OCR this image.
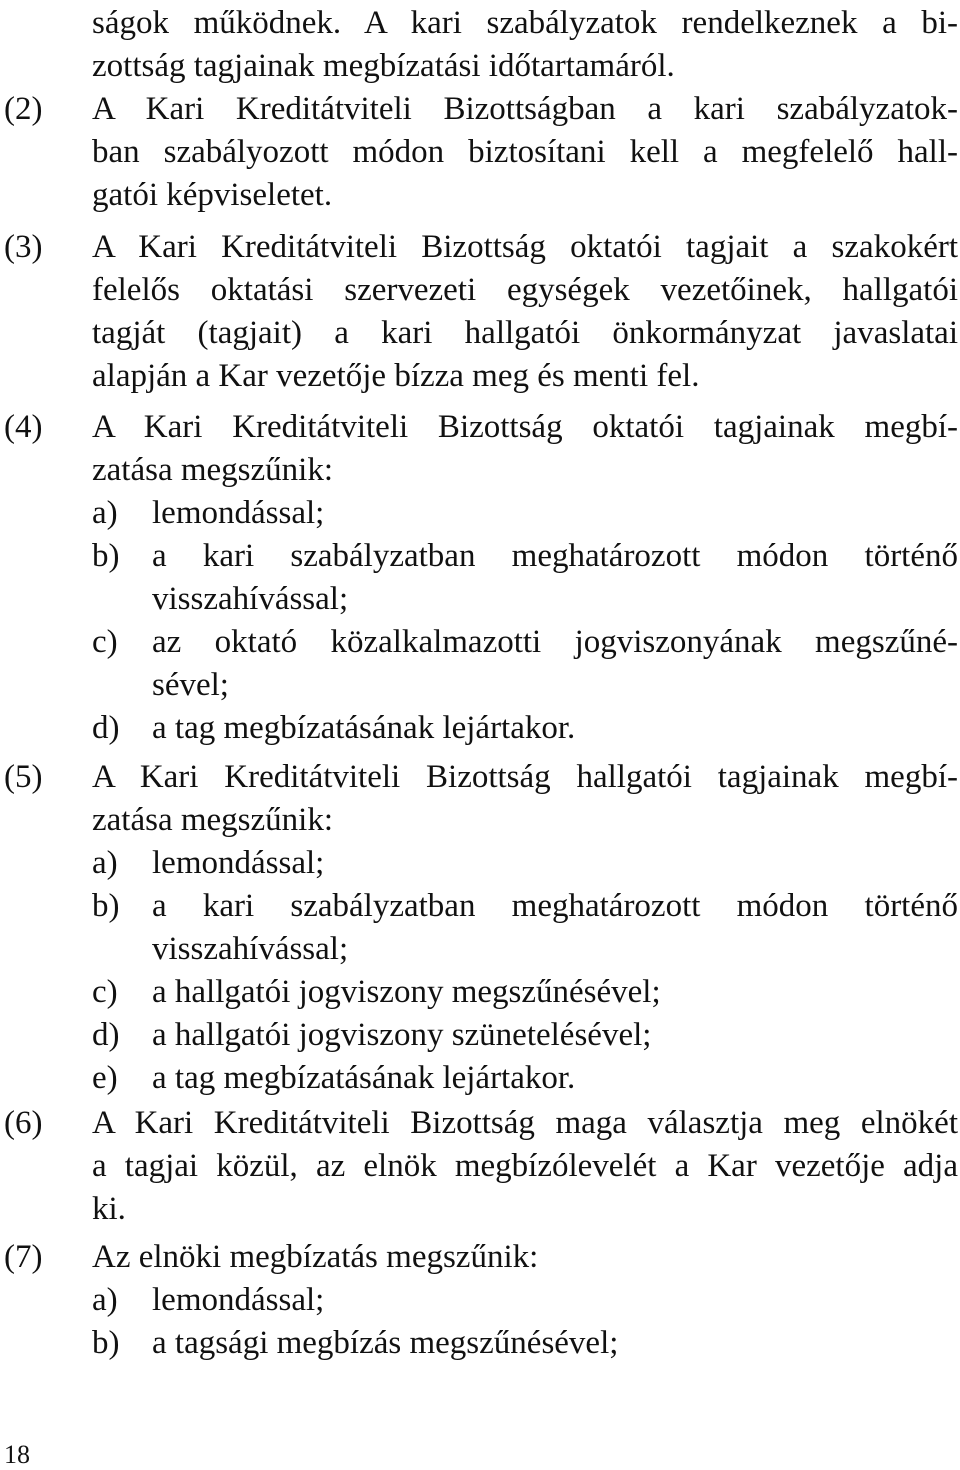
ságok működnek. A kari szabályzatok rendelkeznek a bi-
zottság tagjainak megbízatási időtartamáról.
(2) A Kari Kreditátviteli Bizottságban a kari szabályzatok-
ban szabályozott módon biztosítani kell a megfelelő hall-
gatói képviseletet.
(3) A Kari Kreditátviteli Bizottság oktatói tagjait a szakokért
felelős oktatási szervezeti egységek vezetőinek, hallgatói
tagját (tagjait) a kari hallgatói önkormányzat javaslatai
alapján a Kar vezetője bízza meg és menti fel.
(4) A Kari Kreditátviteli Bizottság oktatói tagjainak megbí-
zatása megszűnik:
a) lemondással;
b) a kari szabályzatban meghatározott módon történő
visszahívással;
c) az oktató közalkalmazotti jogviszonyának megszűné-
sével;
d) a tag megbízatásának lejártakor.
(5) A Kari Kreditátviteli Bizottság hallgatói tagjainak megbí-
zatása megszűnik:
a) lemondással;
b) a kari szabályzatban meghatározott módon történő
visszahívással;
c) a hallgatói jogviszony megszűnésével;
d) a hallgatói jogviszony szünetelésével;
e) a tag megbízatásának lejártakor.
(6) A Kari Kreditátviteli Bizottság maga választja meg elnökét
a tagjai közül, az elnök megbízólevelét a Kar vezetője adja
ki.
(7) Az elnöki megbízatás megszűnik:
a) lemondással;
b) a tagsági megbízás megszűnésével;
18
